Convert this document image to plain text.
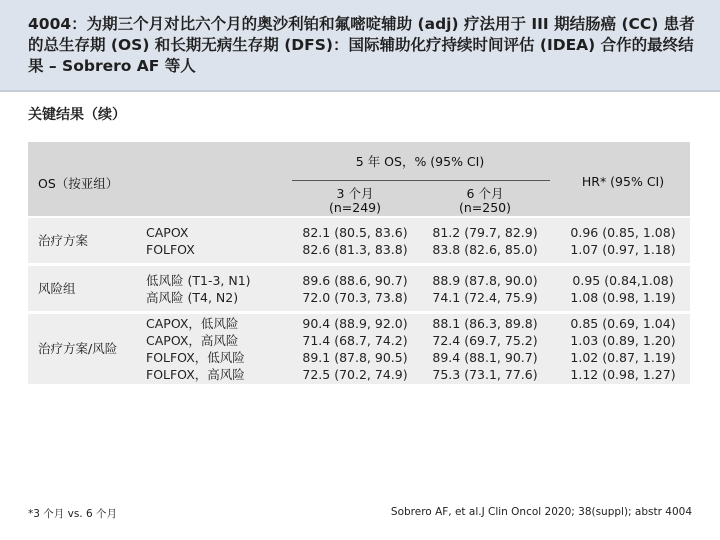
4004：为期三个月对比六个月的奥沙利铂和氟嘧啶辅助 (adj) 疗法用于 III 期结肠癌 (CC) 患者的总生存期 (OS) 和长期无病生存期 (DFS)：国际辅助化疗持续时间评估 (IDEA) 合作的最终结果 – Sobrero AF 等人
关键结果（续）
5 年 OS，% (95% CI)
OS（按亚组）
3 个月
(n=249)
6 个月
(n=250)
HR* (95% CI)
治疗方案
CAPOX
FOLFOX
82.1 (80.5, 83.6)
82.6 (81.3, 83.8)
81.2 (79.7, 82.9)
83.8 (82.6, 85.0)
0.96 (0.85, 1.08)
1.07 (0.97, 1.18)
风险组
低风险 (T1-3, N1)
高风险 (T4, N2)
89.6 (88.6, 90.7)
72.0 (70.3, 73.8)
88.9 (87.8, 90.0)
74.1 (72.4, 75.9)
0.95 (0.84,1.08)
1.08 (0.98, 1.19)
治疗方案/风险
CAPOX，低风险
CAPOX，高风险
FOLFOX，低风险
FOLFOX，高风险
90.4 (88.9, 92.0)
71.4 (68.7, 74.2)
89.1 (87.8, 90.5)
72.5 (70.2, 74.9)
88.1 (86.3, 89.8)
72.4 (69.7, 75.2)
89.4 (88.1, 90.7)
75.3 (73.1, 77.6)
0.85 (0.69, 1.04)
1.03 (0.89, 1.20)
1.02 (0.87, 1.19)
1.12 (0.98, 1.27)
*3 个月 vs. 6 个月	Sobrero AF, et al.J Clin Oncol 2020; 38(suppl); abstr 4004
